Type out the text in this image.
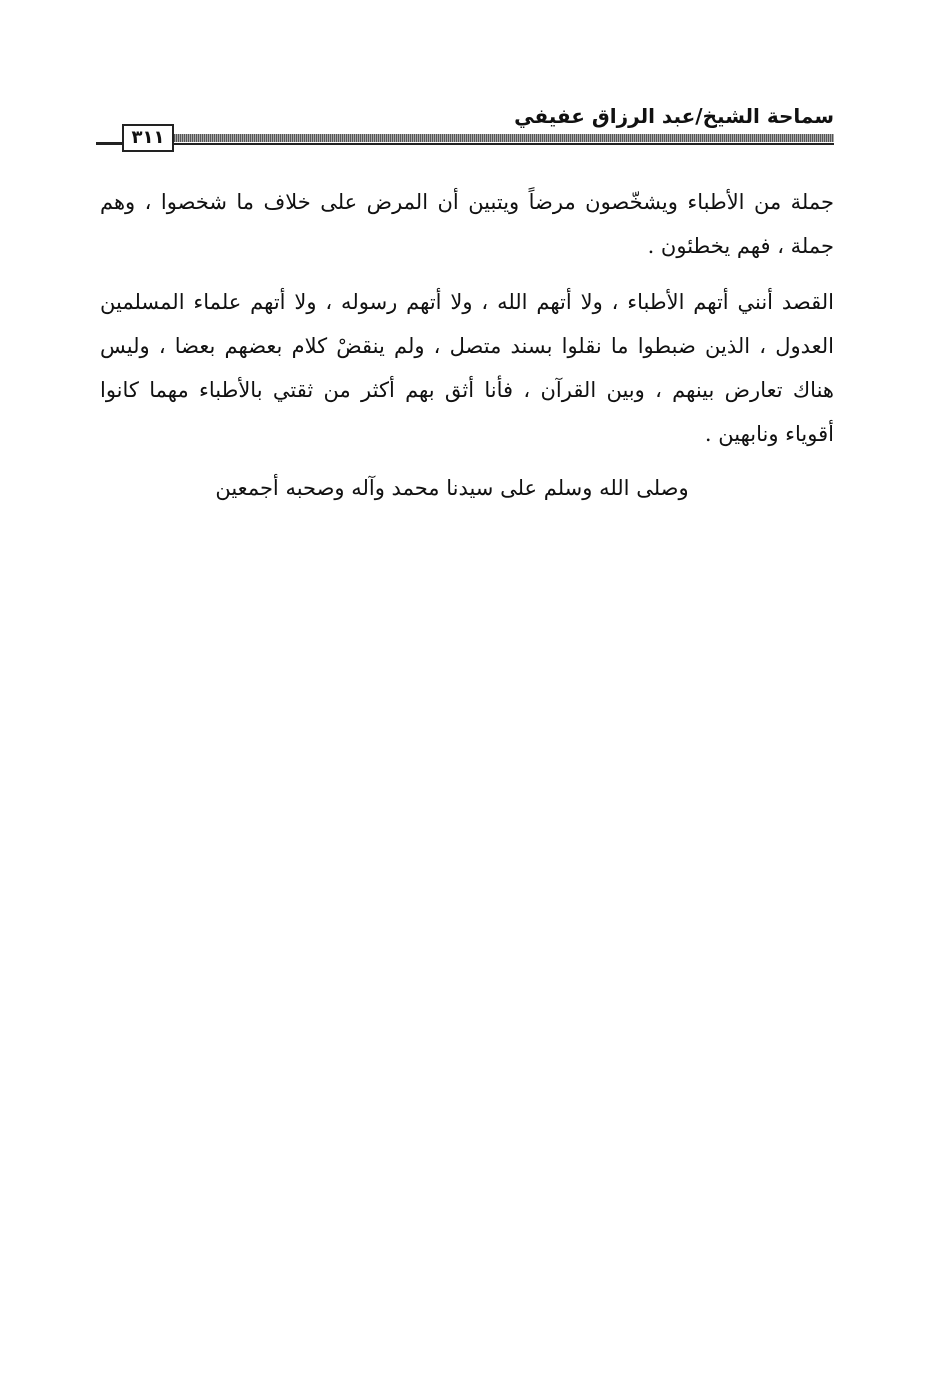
سماحة الشيخ/عبد الرزاق عفيفي
٣١١

جملة من الأطباء ويشخّصون مرضاً ويتبين أن المرض على خلاف ما شخصوا ، وهم جملة ، فهم يخطئون .

القصد أنني أتهم الأطباء ، ولا أتهم الله ، ولا أتهم رسوله ، ولا أتهم علماء المسلمين العدول ، الذين ضبطوا ما نقلوا بسند متصل ، ولم ينقضْ كلام بعضهم بعضا ، وليس هناك تعارض بينهم ، وبين القرآن ، فأنا أثق بهم أكثر من ثقتي بالأطباء مهما كانوا أقوياء ونابهين .

وصلى الله وسلم على سيدنا محمد وآله وصحبه أجمعين
